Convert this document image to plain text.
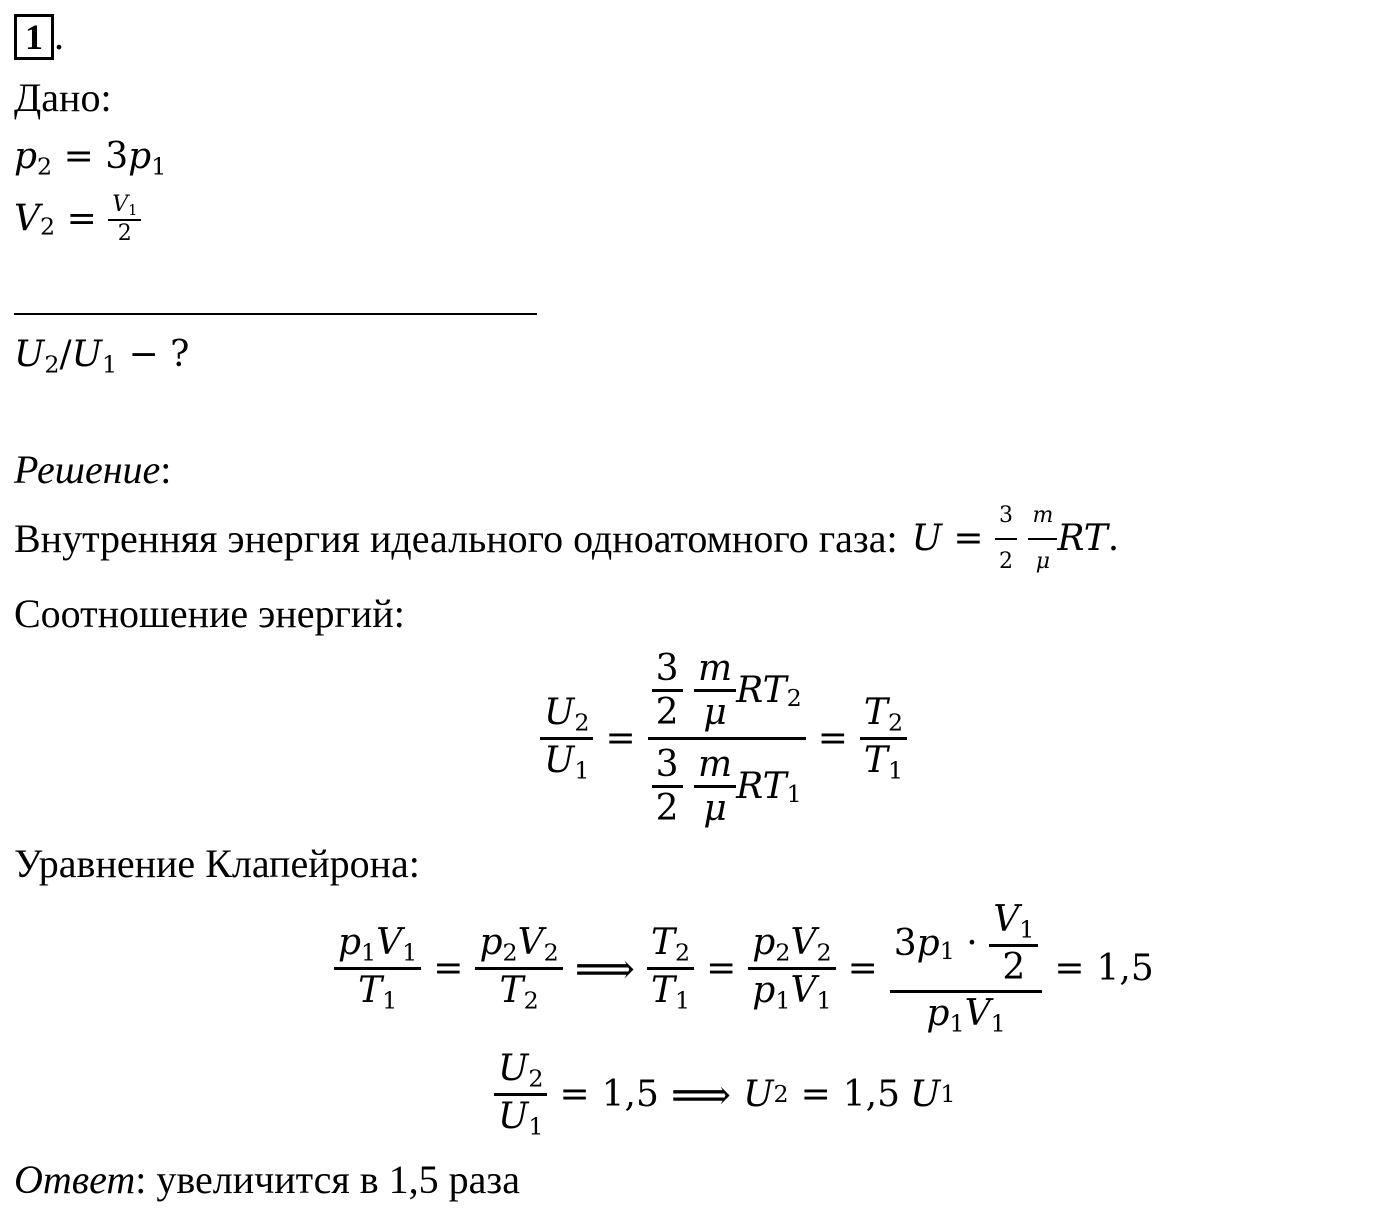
1 .
Дано:
$p_2 = 3p_1$
$V_2 = \frac{V_1}{2}$
$U_2/U_1$ − ?
Решение:
Внутренняя энергия идеального одноатомного газа: $U = \frac{3}{2}$
$\frac{m}{\mu}$ RT.
Соотношение энергий:
$\frac{U_2}{U_1} = \frac{3}{2}$
$\frac{m}{\mu} RT_2$
$\frac{3}{2}$
$\frac{m}{\mu} RT_1 = \frac{T_2}{T_1}$
Уравнение Клапейрона:
$\frac{p_1V_1}{T_1} = \frac{p_2V_2}{T_2}$ ⟹ $\frac{T_2}{T_1} = \frac{p_2V_2}{p_1V_1} = \frac{3p_1 \cdot \frac{V_1}{2}}{p_1V_1} = 1,5$
$\frac{U_2}{U_1} = 1,5$ ⟹ U 2 = 1,5 U 1
Ответ: увеличится в 1,5 раза
